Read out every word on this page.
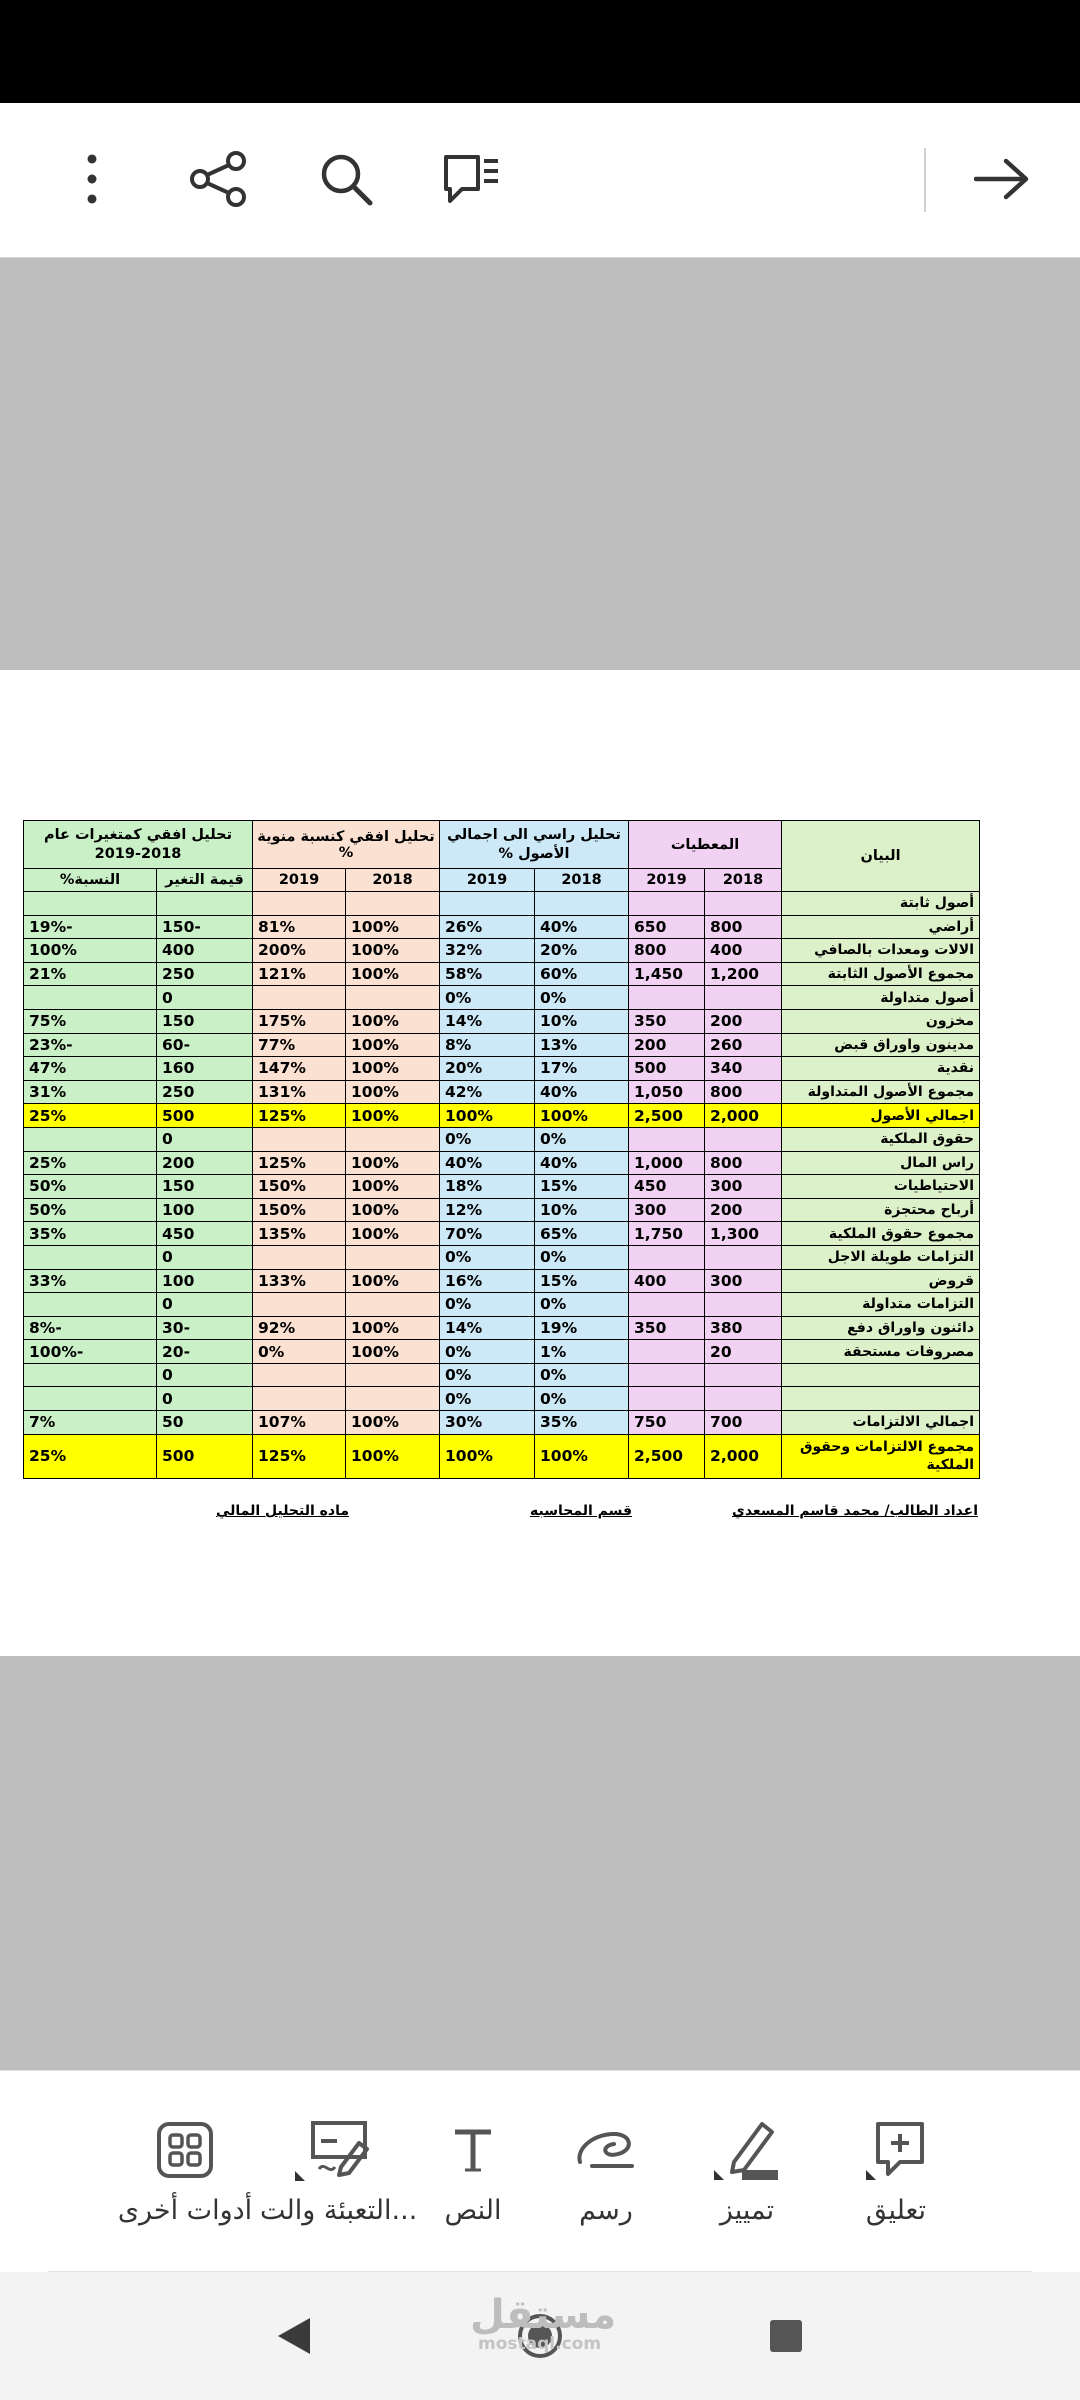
البيان	المعطيات		تحليل راسي الى اجمالي الأصول %		تحليل افقي كنسبة منوية %		تحليل افقي كمتغيرات عام 2018-2019	
	2018	2019	2018	2019	2018	2019	قيمة التغير	النسبة%
أصول ثابتة								
أراضي	800	650	40%	26%	100%	81%	-150	-19%
الالات ومعدات بالصافي	400	800	20%	32%	100%	200%	400	100%
مجموع الأصول الثابتة	1,200	1,450	60%	58%	100%	121%	250	21%
أصول متداولة			0%	0%			0	
مخزون	200	350	10%	14%	100%	175%	150	75%
مدينون واوراق قبض	260	200	13%	8%	100%	77%	-60	-23%
نقدية	340	500	17%	20%	100%	147%	160	47%
مجموع الأصول المتداولة	800	1,050	40%	42%	100%	131%	250	31%
اجمالي الأصول	2,000	2,500	100%	100%	100%	125%	500	25%
حقوق الملكية			0%	0%			0	
راس المال	800	1,000	40%	40%	100%	125%	200	25%
الاحتياطيات	300	450	15%	18%	100%	150%	150	50%
أرباح محتجزة	200	300	10%	12%	100%	150%	100	50%
مجموع حقوق الملكية	1,300	1,750	65%	70%	100%	135%	450	35%
التزامات طويلة الاجل			0%	0%			0	
قروض	300	400	15%	16%	100%	133%	100	33%
التزامات متداولة			0%	0%			0	
دائنون واوراق دفع	380	350	19%	14%	100%	92%	-30	-8%
مصروفات مستحقة	20		1%	0%	100%	0%	-20	-100%
			0%	0%			0	
			0%	0%			0	
اجمالي الالتزامات	700	750	35%	30%	100%	107%	50	7%
مجموع الالتزامات وحقوق الملكية	2,000	2,500	100%	100%	100%	125%	500	25%
اعداد الطالب/ محمد قاسم المسعدي
قسم المحاسبه
ماده التحليل المالي
تعليق
تمييز
رسم
النص
التعبئة والت...
أدوات أخرى
مستقل
mostaql.com
